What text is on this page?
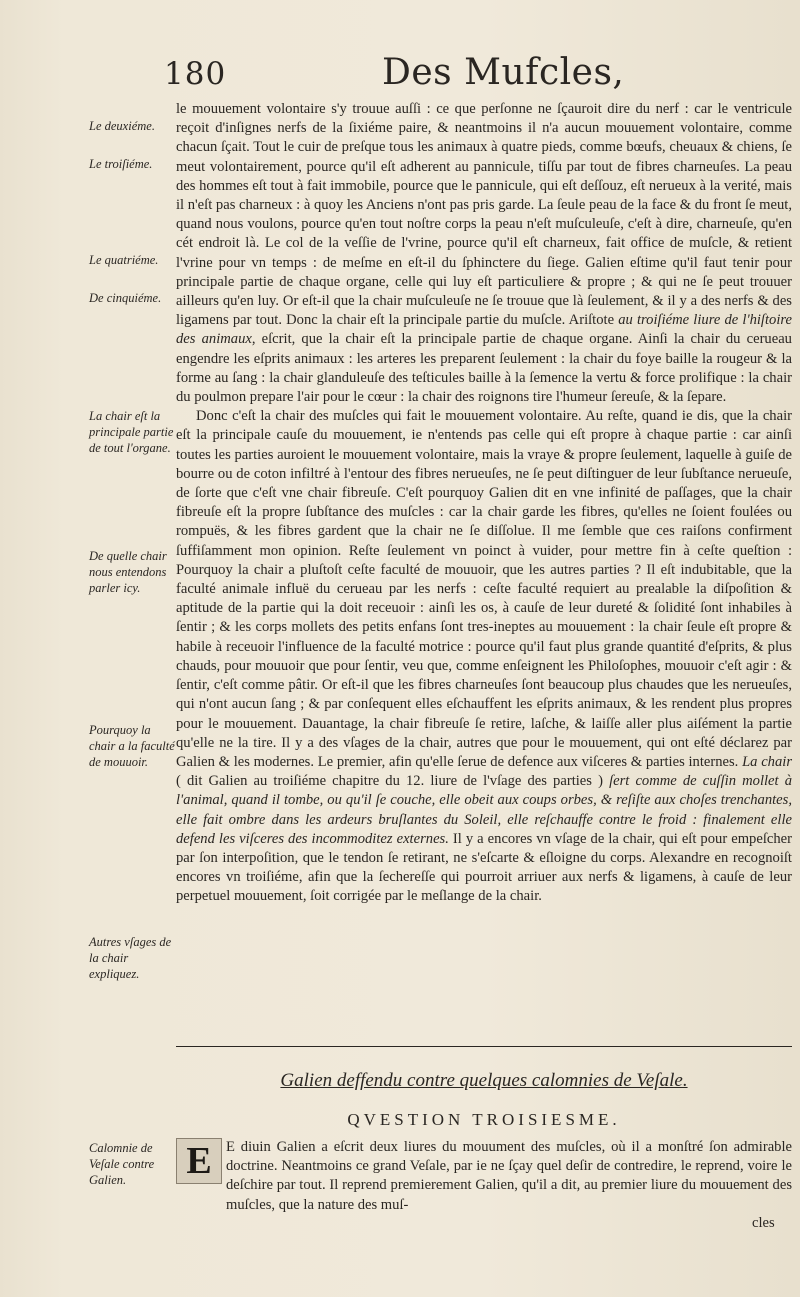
180	Des Mufcles,
Le deuxiéme.
Le troiſiéme.
Le quatriéme.
De cinquiéme.
La chair eſt la principale partie de tout l'organe.
De quelle chair nous entendons parler icy.
Pourquoy la chair a la faculté de mouuoir.
Autres vſages de la chair expliquez.
Calomnie de Veſale contre Galien.

le mouuement volontaire s'y trouue auſſi : ce que perſonne ne ſçauroit dire du nerf : car le ventricule reçoit d'inſignes nerfs de la ſixiéme paire, & neantmoins il n'a aucun mouuement volontaire, comme chacun ſçait. Tout le cuir de preſque tous les animaux à quatre pieds, comme bœufs, cheuaux & chiens, ſe meut volontairement, pource qu'il eſt adherent au pannicule, tiſſu par tout de fibres charneuſes. La peau des hommes eſt tout à fait immobile, pource que le pannicule, qui eſt deſſouz, eſt nerueux à la verité, mais il n'eſt pas charneux : à quoy les Anciens n'ont pas pris garde. La ſeule peau de la face & du front ſe meut, quand nous voulons, pource qu'en tout noſtre corps la peau n'eſt muſculeuſe, c'eſt à dire, charneuſe, qu'en cét endroit là. Le col de la veſſie de l'vrine, pource qu'il eſt charneux, fait office de muſcle, & retient l'vrine pour vn temps : de meſme en eſt-il du ſphinctere du ſiege. Galien eſtime qu'il faut tenir pour principale partie de chaque organe, celle qui luy eſt particuliere & propre ; & qui ne ſe peut trouuer ailleurs qu'en luy. Or eſt-il que la chair muſculeuſe ne ſe trouue que là ſeulement, & il y a des nerfs & des ligamens par tout. Donc la chair eſt la principale partie du muſcle. Ariſtote au troiſiéme liure de l'hiſtoire des animaux, eſcrit, que la chair eſt la principale partie de chaque organe. Ainſi la chair du cerueau engendre les eſprits animaux : les arteres les preparent ſeulement : la chair du foye baille la rougeur & la forme au ſang : la chair glanduleuſe des teſticules baille à la ſemence la vertu & force prolifique : la chair du poulmon prepare l'air pour le cœur : la chair des roignons tire l'humeur ſereuſe, & la ſepare.

Donc c'eſt la chair des muſcles qui fait le mouuement volontaire. Au reſte, quand ie dis, que la chair eſt la principale cauſe du mouuement, ie n'entends pas celle qui eſt propre à chaque partie : car ainſi toutes les parties auroient le mouuement volontaire, mais la vraye & propre ſeulement, laquelle à guiſe de bourre ou de coton infiltré à l'entour des fibres nerueuſes, ne ſe peut diſtinguer de leur ſubſtance nerueuſe, de ſorte que c'eſt vne chair fibreuſe. C'eſt pourquoy Galien dit en vne infinité de paſſages, que la chair fibreuſe eſt la propre ſubſtance des muſcles : car la chair garde les fibres, qu'elles ne ſoient foulées ou rompuës, & les fibres gardent que la chair ne ſe diſſolue. Il me ſemble que ces raiſons confirment ſuffiſamment mon opinion. Reſte ſeulement vn poinct à vuider, pour mettre fin à ceſte queſtion : Pourquoy la chair a pluſtoſt ceſte faculté de mouuoir, que les autres parties ? Il eſt indubitable, que la faculté animale influë du cerueau par les nerfs : ceſte faculté requiert au prealable la diſpoſition & aptitude de la partie qui la doit receuoir : ainſi les os, à cauſe de leur dureté & ſolidité ſont inhabiles à ſentir ; & les corps mollets des petits enfans ſont tres-ineptes au mouuement : la chair ſeule eſt propre & habile à receuoir l'influence de la faculté motrice : pource qu'il faut plus grande quantité d'eſprits, & plus chauds, pour mouuoir que pour ſentir, veu que, comme enſeignent les Philoſophes, mouuoir c'eſt agir : & ſentir, c'eſt comme pâtir. Or eſt-il que les fibres charneuſes ſont beaucoup plus chaudes que les nerueuſes, qui n'ont aucun ſang ; & par conſequent elles eſchauffent les eſprits animaux, & les rendent plus propres pour le mouuement. Dauantage, la chair fibreuſe ſe retire, laſche, & laiſſe aller plus aiſément la partie qu'elle ne la tire. Il y a des vſages de la chair, autres que pour le mouuement, qui ont eſté déclarez par Galien & les modernes. Le premier, afin qu'elle ſerue de defence aux viſceres & parties internes. La chair ( dit Galien au troiſiéme chapitre du 12. liure de l'vſage des parties ) ſert comme de cuſſin mollet à l'animal, quand il tombe, ou qu'il ſe couche, elle obeit aux coups orbes, & reſiſte aux choſes trenchantes, elle fait ombre dans les ardeurs bruſlantes du Soleil, elle reſchauffe contre le froid : finalement elle defend les viſceres des incommoditez externes. Il y a encores vn vſage de la chair, qui eſt pour empeſcher par ſon interpoſition, que le tendon ſe retirant, ne s'eſcarte & eſloigne du corps. Alexandre en recognoiſt encores vn troiſiéme, afin que la ſechereſſe qui pourroit arriuer aux nerfs & ligamens, à cauſe de leur perpetuel mouuement, ſoit corrigée par le meſlange de la chair.

Galien deffendu contre quelques calomnies de Veſale.
QVESTION TROISIESME.
E diuin Galien a eſcrit deux liures du mouument des muſcles, où il a monſtré ſon admirable doctrine. Neantmoins ce grand Veſale, par ie ne ſçay quel deſir de contredire, le reprend, voire le deſchire par tout. Il reprend premierement Galien, qu'il a dit, au premier liure du mouuement des muſcles, que la nature des muſ-
E
cles
